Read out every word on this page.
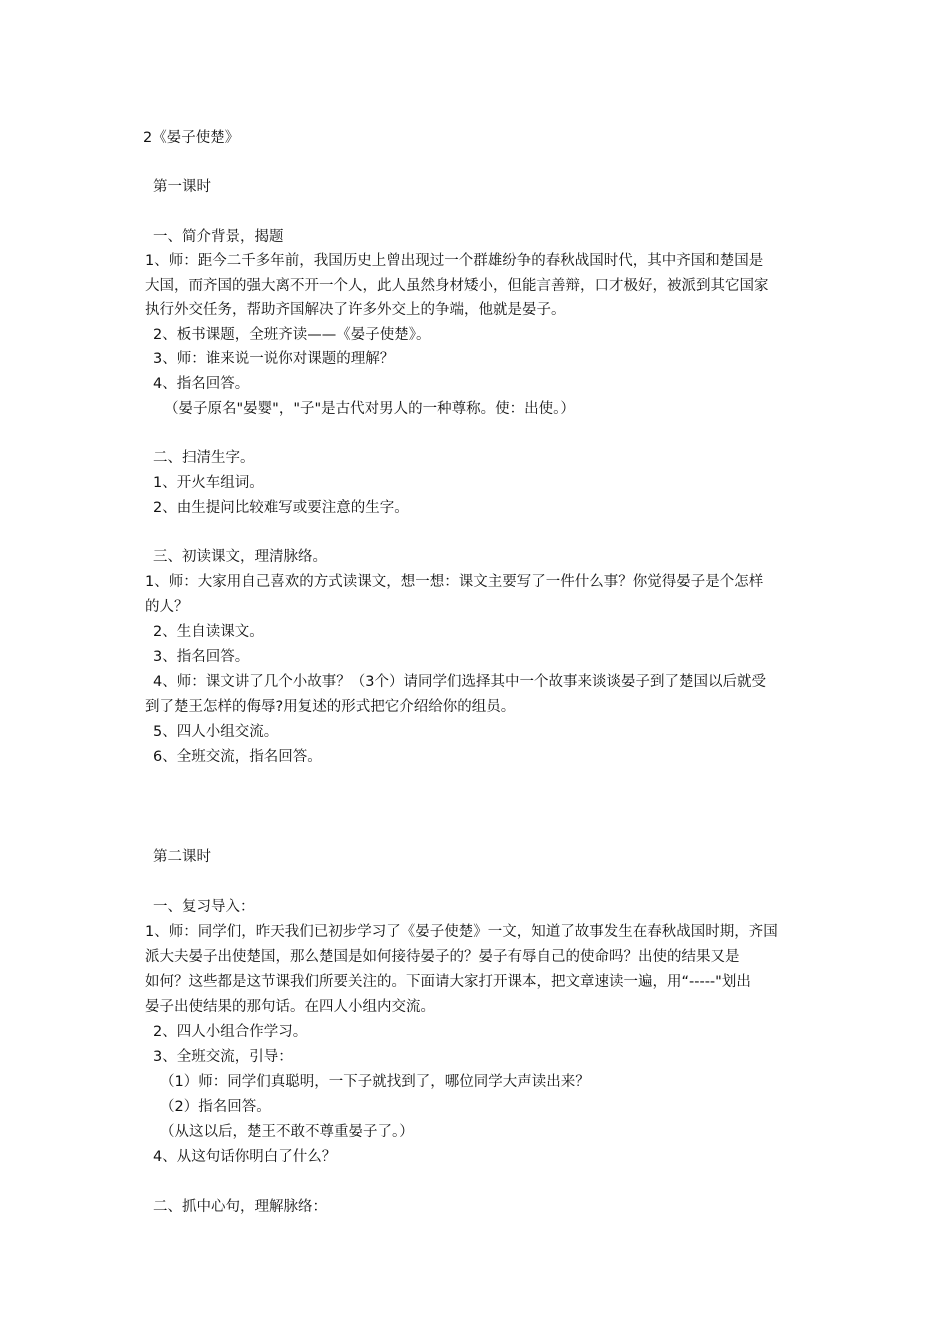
2《晏子使楚》
第一课时
一、简介背景，揭题
1、师：距今二千多年前，我国历史上曾出现过一个群雄纷争的春秋战国时代，其中齐国和楚国是
大国，而齐国的强大离不开一个人，此人虽然身材矮小，但能言善辩，口才极好，被派到其它国家
执行外交任务，帮助齐国解决了许多外交上的争端，他就是晏子。
2、板书课题，全班齐读——《晏子使楚》。
3、师：谁来说一说你对课题的理解？
4、指名回答。
（晏子原名"晏婴"，"子"是古代对男人的一种尊称。使：出使。）
二、扫清生字。
1、开火车组词。
2、由生提问比较难写或要注意的生字。
三、初读课文，理清脉络。
1、师：大家用自己喜欢的方式读课文，想一想：课文主要写了一件什么事？你觉得晏子是个怎样
的人？
2、生自读课文。
3、指名回答。
4、师：课文讲了几个小故事？（3个）请同学们选择其中一个故事来谈谈晏子到了楚国以后就受
到了楚王怎样的侮辱?用复述的形式把它介绍给你的组员。
5、四人小组交流。
6、全班交流，指名回答。
第二课时
一、复习导入：
1、师：同学们，昨天我们已初步学习了《晏子使楚》一文，知道了故事发生在春秋战国时期，齐国
派大夫晏子出使楚国，那么楚国是如何接待晏子的？晏子有辱自己的使命吗？出使的结果又是
如何？这些都是这节课我们所要关注的。下面请大家打开课本，把文章速读一遍，用“-----"划出
晏子出使结果的那句话。在四人小组内交流。
2、四人小组合作学习。
3、全班交流，引导：
（1）师：同学们真聪明，一下子就找到了，哪位同学大声读出来？
（2）指名回答。
（从这以后，楚王不敢不尊重晏子了。）
4、从这句话你明白了什么？
二、抓中心句，理解脉络：
